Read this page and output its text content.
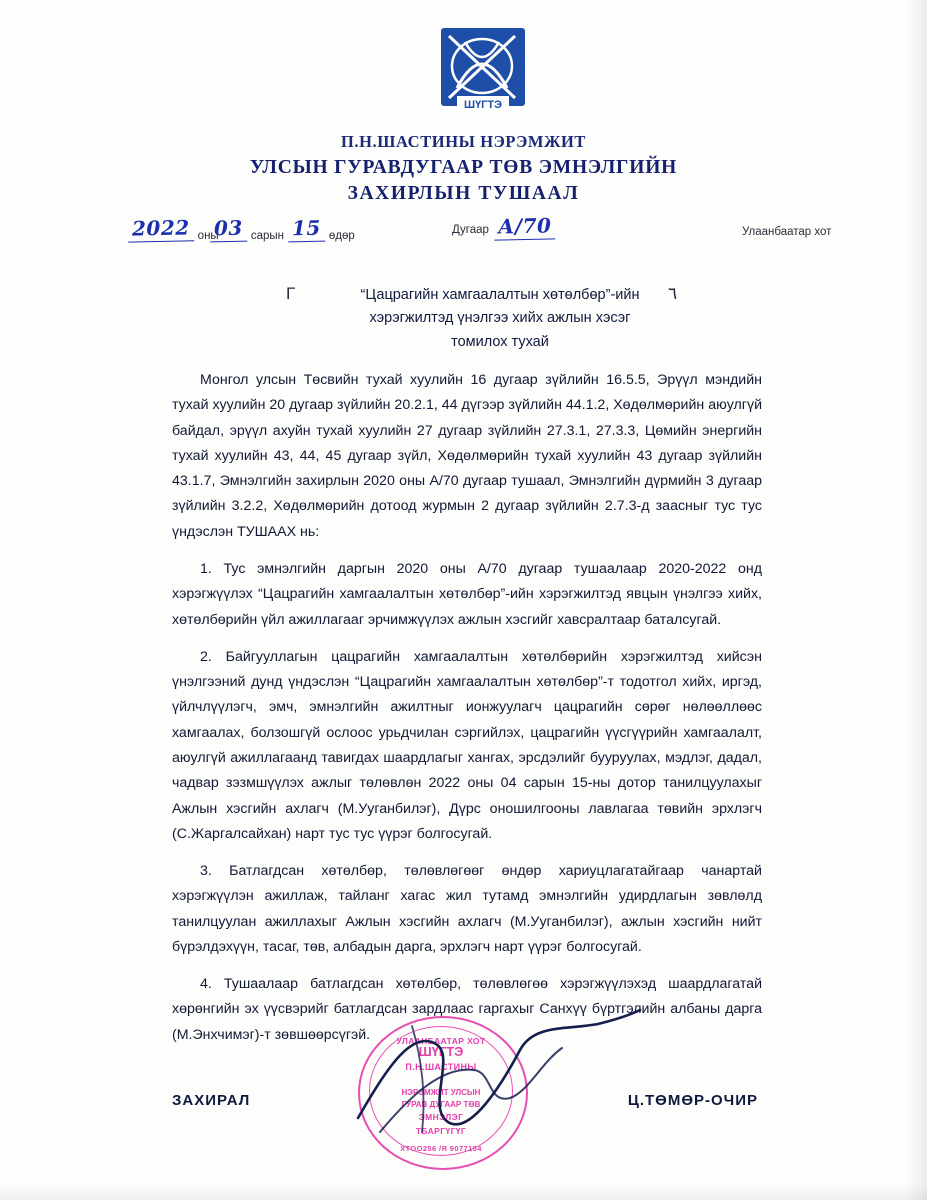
ШҮГТЭ
П.Н.ШАСТИНЫ НЭРЭМЖИТ
УЛСЫН ГУРАВДУГААР ТӨВ ЭМНЭЛГИЙН
ЗАХИРЛЫН ТУШААЛ
2022 оны
03 сарын 15 өдөр	Дугаар А/70	Улаанбаатар хот
Γ	٦
“Цацрагийн хамгаалалтын хөтөлбөр”-ийн
хэрэгжилтэд үнэлгээ хийх ажлын хэсэг
томилох тухай

Монгол улсын Төсвийн тухай хуулийн 16 дугаар зүйлийн 16.5.5, Эрүүл мэндийн тухай хуулийн 20 дугаар зүйлийн 20.2.1, 44 дүгээр зүйлийн 44.1.2, Хөдөлмөрийн аюулгүй байдал, эрүүл ахуйн тухай хуулийн 27 дугаар зүйлийн 27.3.1, 27.3.3, Цөмийн энергийн тухай хуулийн 43, 44, 45 дугаар зүйл, Хөдөлмөрийн тухай хуулийн 43 дугаар зүйлийн 43.1.7, Эмнэлгийн захирлын 2020 оны А/70 дугаар тушаал, Эмнэлгийн дүрмийн 3 дугаар зүйлийн 3.2.2, Хөдөлмөрийн дотоод журмын 2 дугаар зүйлийн 2.7.3-д заасныг тус тус үндэслэн ТУШААХ нь:

1. Тус эмнэлгийн даргын 2020 оны А/70 дугаар тушаалаар 2020-2022 онд хэрэгжүүлэх “Цацрагийн хамгаалалтын хөтөлбөр”-ийн хэрэгжилтэд явцын үнэлгээ хийх, хөтөлбөрийн үйл ажиллагааг эрчимжүүлэх ажлын хэсгийг хавсралтаар баталсугай.

2. Байгууллагын цацрагийн хамгаалалтын хөтөлбөрийн хэрэгжилтэд хийсэн үнэлгээний дунд үндэслэн “Цацрагийн хамгаалалтын хөтөлбөр”-т тодотгол хийх, иргэд, үйлчлүүлэгч, эмч, эмнэлгийн ажилтныг ионжуулагч цацрагийн сөрөг нөлөөллөөс хамгаалах, болзошгүй ослоос урьдчилан сэргийлэх, цацрагийн үүсгүүрийн хамгаалалт, аюулгүй ажиллагаанд тавигдах шаардлагыг хангах, эрсдэлийг бууруулах, мэдлэг, дадал, чадвар зэзмшүүлэх ажлыг төлөвлөн 2022 оны 04 сарын 15-ны дотор танилцуулахыг Ажлын хэсгийн ахлагч (М.Ууганбилэг), Дүрс оношилгооны лавлагаа төвийн эрхлэгч (С.Жаргалсайхан) нарт тус тус үүрэг болгосугай.

3. Батлагдсан хөтөлбөр, төлөвлөгөөг өндөр хариуцлагатайгаар чанартай хэрэгжүүлэн ажиллаж, тайланг хагас жил тутамд эмнэлгийн удирдлагын зөвлөлд танилцуулан ажиллахыг Ажлын хэсгийн ахлагч (М.Ууганбилэг), ажлын хэсгийн нийт бүрэлдэхүүн, тасаг, төв, албадын дарга, эрхлэгч нарт үүрэг болгосугай.

4. Тушаалаар батлагдсан хөтөлбөр, төлөвлөгөө хэрэгжүүлэхэд шаардлагатай хөрөнгийн эх үүсвэрийг батлагдсан зардлаас гаргахыг Санхүү бүртгэлийн албаны дарга (М.Энхчимэг)-т зөвшөөрсүгэй.	УЛААНБААТАР ХОТ
ШҮГТЭ
П.Н.ШАСТИНЫ
НЭРЭМЖИТ УЛСЫН
ГУРАВ ДУГААР ТӨВ
ЭМНЭЛЭГ
ТБАРГҮГҮГ
ХТОО256 /Я 9077154
ЗАХИРАЛ	Ц.ТӨМӨР-ОЧИР
